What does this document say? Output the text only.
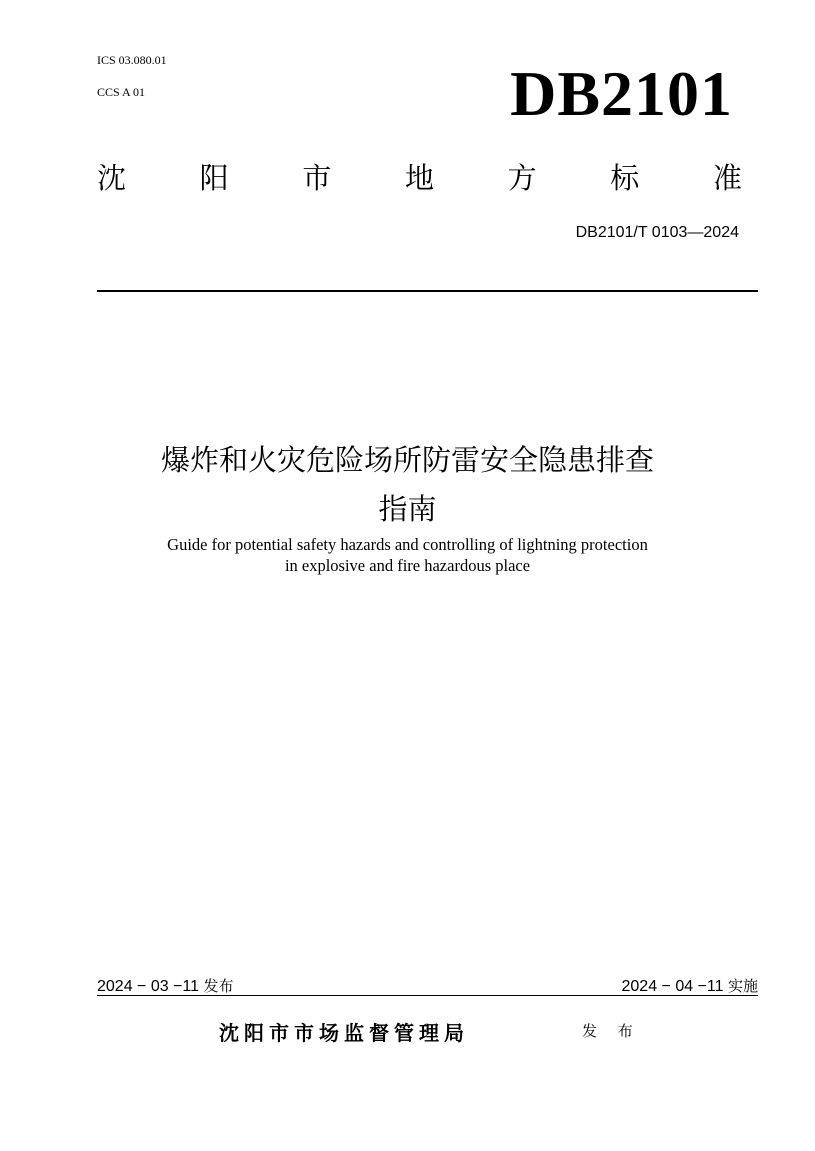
ICS 03.080.01
CCS A 01	DB2101
沈	阳	市	地	方	标	准
DB2101/T 0103—2024
爆炸和火灾危险场所防雷安全隐患排查
指南
Guide for potential safety hazards and controlling of lightning protection
in explosive and fire hazardous place
2024 − 03 −11 发布	2024 − 04 −11 实施
沈阳市市场监督管理局	发 布
